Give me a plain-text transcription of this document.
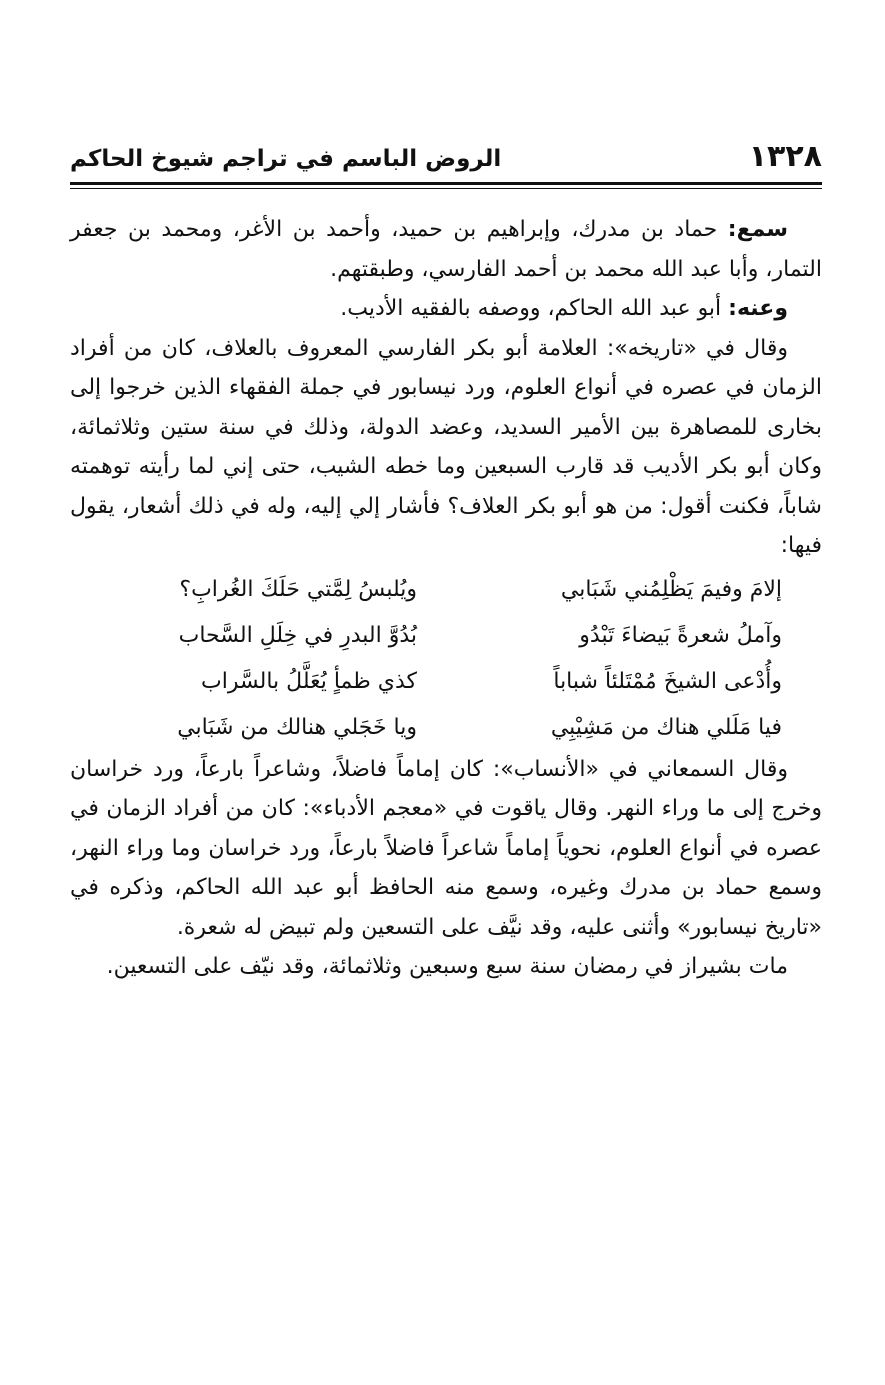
١٣٢٨
الروض الباسم في تراجم شيوخ الحاكم

سمع: حماد بن مدرك، وإبراهيم بن حميد، وأحمد بن الأغر، ومحمد بن جعفر التمار، وأبا عبد الله محمد بن أحمد الفارسي، وطبقتهم.

وعنه: أبو عبد الله الحاكم، ووصفه بالفقيه الأديب.

وقال في «تاريخه»: العلامة أبو بكر الفارسي المعروف بالعلاف، كان من أفراد الزمان في عصره في أنواع العلوم، ورد نيسابور في جملة الفقهاء الذين خرجوا إلى بخارى للمصاهرة بين الأمير السديد، وعضد الدولة، وذلك في سنة ستين وثلاثمائة، وكان أبو بكر الأديب قد قارب السبعين وما خطه الشيب، حتى إني لما رأيته توهمته شاباً، فكنت أقول: من هو أبو بكر العلاف؟ فأشار إلي إليه، وله في ذلك أشعار، يقول فيها:

إلامَ وفيمَ يَظْلِمُني شَبَابي
ويُلبسُ لِمَّتي حَلَكَ الغُرابِ؟
وآملُ شعرةً بَيضاءَ تَبْدُو
بُدُوَّ البدرِ في خِلَلِ السَّحاب
وأُدْعى الشيخَ مُمْتَلئاً شباباً
كذي ظمأٍ يُعَلَّلُ بالسَّراب
فيا مَلَلي هناك من مَشِيْبِي
ويا خَجَلي هنالك من شَبَابي

وقال السمعاني في «الأنساب»: كان إماماً فاضلاً، وشاعراً بارعاً، ورد خراسان وخرج إلى ما وراء النهر. وقال ياقوت في «معجم الأدباء»: كان من أفراد الزمان في عصره في أنواع العلوم، نحوياً إماماً شاعراً فاضلاً بارعاً، ورد خراسان وما وراء النهر، وسمع حماد بن مدرك وغيره، وسمع منه الحافظ أبو عبد الله الحاكم، وذكره في «تاريخ نيسابور» وأثنى عليه، وقد نيَّف على التسعين ولم تبيض له شعرة.

مات بشيراز في رمضان سنة سبع وسبعين وثلاثمائة، وقد نيّف على التسعين.
